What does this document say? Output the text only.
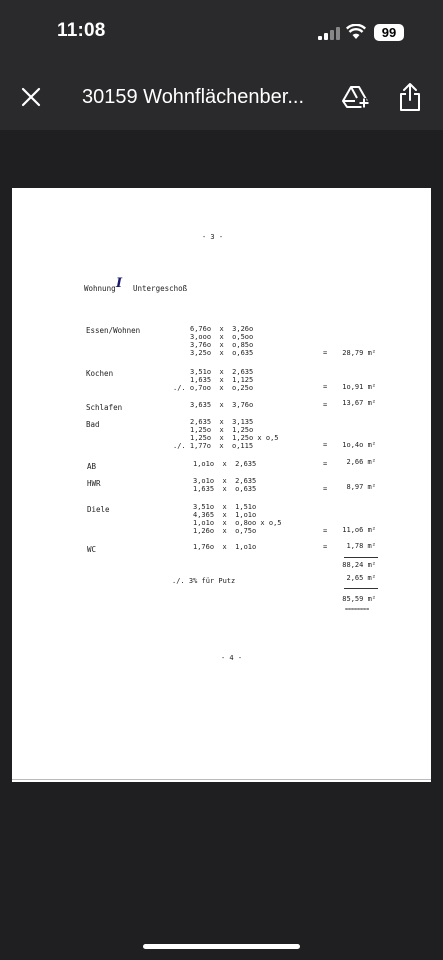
11:08	99
30159 Wohnflächenber...
- 3 -
Wohnung I Untergeschoß
Essen/Wohnen	6,76o  x  3,26o
3,ooo  x  o,5oo
3,76o  x  o,85o
3,25o  x  o,635	=	28,79 m²
Kochen	3,51o  x  2,635
1,635  x  1,125
./. o,7oo  x  o,25o	=	1o,91 m²
Schlafen	3,635  x  3,76o	=	13,67 m²
Bad	2,635  x  3,135
1,25o  x  1,25o
1,25o  x  1,25o x o,5
./. 1,77o  x  o,115	=	1o,4o m²
AB	1,o1o  x  2,635	=	2,66 m²
HWR	3,o1o  x  2,635
1,635  x  o,635	=	8,97 m²
Diele	3,51o  x  1,51o
4,365  x  1,o1o
1,o1o  x  o,8oo x o,5
1,26o  x  o,75o	=	11,o6 m²
WC	1,76o  x  1,o1o	=	1,78 m²
88,24 m²
./. 3% für Putz	2,65 m²
85,59 m²
========
- 4 -
